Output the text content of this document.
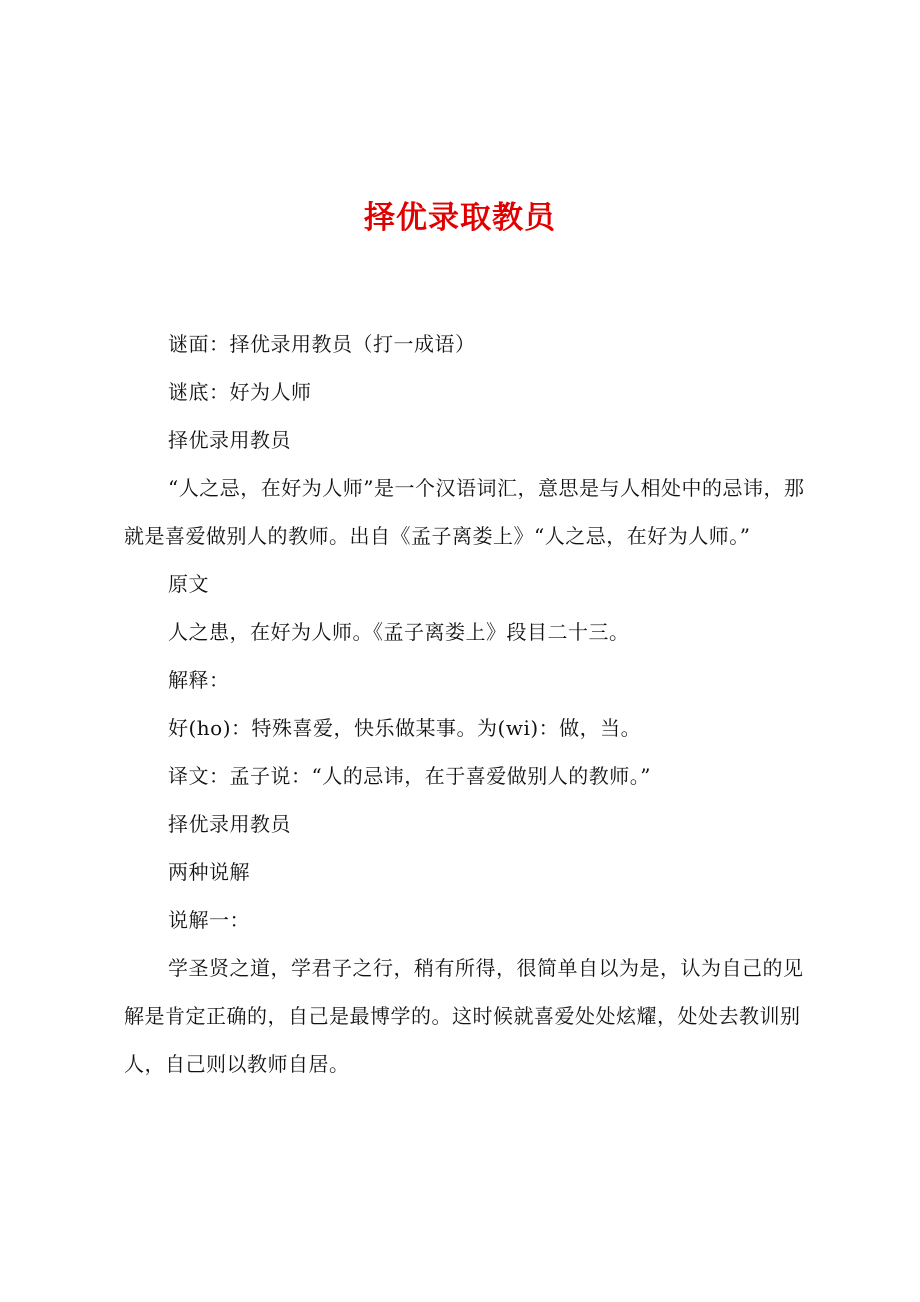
择优录取教员

谜面：择优录用教员（打一成语）

谜底：好为人师

择优录用教员

“人之忌，在好为人师”是一个汉语词汇，意思是与人相处中的忌讳，那就是喜爱做别人的教师。出自《孟子离娄上》“人之忌，在好为人师。”

原文

人之患，在好为人师。《孟子离娄上》段目二十三。

解释：

好(ho)：特殊喜爱，快乐做某事。为(wi)：做，当。

译文：孟子说：“人的忌讳，在于喜爱做别人的教师。”

择优录用教员

两种说解

说解一：

学圣贤之道，学君子之行，稍有所得，很简单自以为是，认为自己的见解是肯定正确的，自己是最博学的。这时候就喜爱处处炫耀，处处去教训别人，自己则以教师自居。
